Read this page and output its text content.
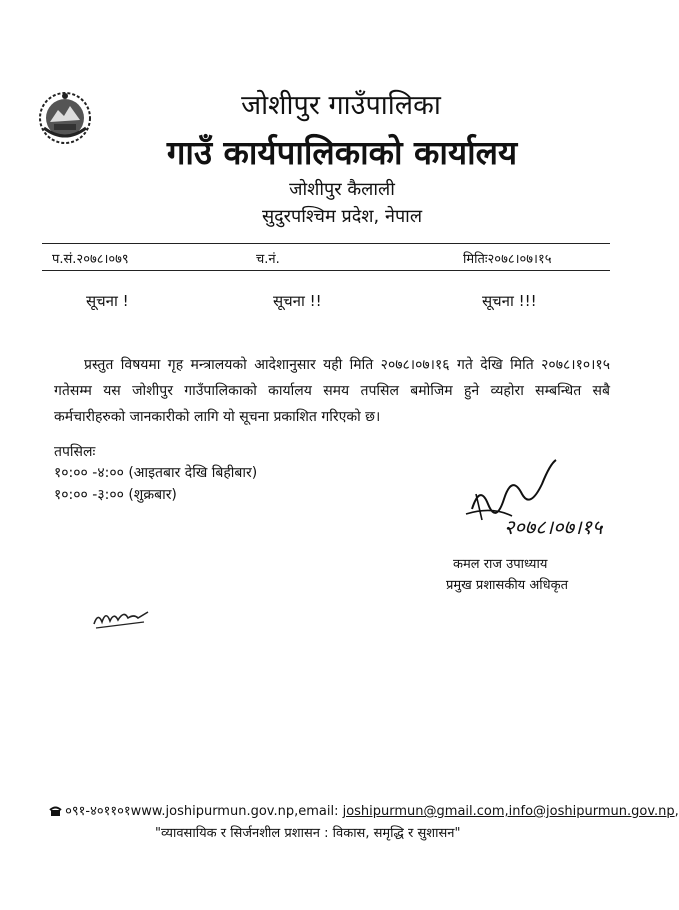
जोशीपुर गाउँपालिका
गाउँ कार्यपालिकाको कार्यालय
जोशीपुर कैलाली
सुदुरपश्चिम प्रदेश, नेपाल
प.सं.२०७८।०७९	च.नं.	मितिः२०७८।०७।१५
सूचना !	सूचना !!	सूचना !!!
प्रस्तुत विषयमा गृह मन्त्रालयको आदेशानुसार यही मिति २०७८।०७।१६ गते देखि मिति २०७८।१०।१५ गतेसम्म यस जोशीपुर गाउँपालिकाको कार्यालय समय तपसिल बमोजिम हुने व्यहोरा सम्बन्धित सबै कर्मचारीहरुको जानकारीको लागि यो सूचना प्रकाशित गरिएको छ।
तपसिलः
१०:०० -४:०० (आइतबार देखि बिहीबार)
१०:०० -३:०० (शुक्रबार)
२०७८।०७।१५
कमल राज उपाध्याय
प्रमुख प्रशासकीय अधिकृत
०९१-४०११०१www.joshipurmun.gov.np,email: joshipurmun@gmail.com,info@joshipurmun.gov.np,
"व्यावसायिक र सिर्जनशील प्रशासन : विकास, समृद्धि र सुशासन"
